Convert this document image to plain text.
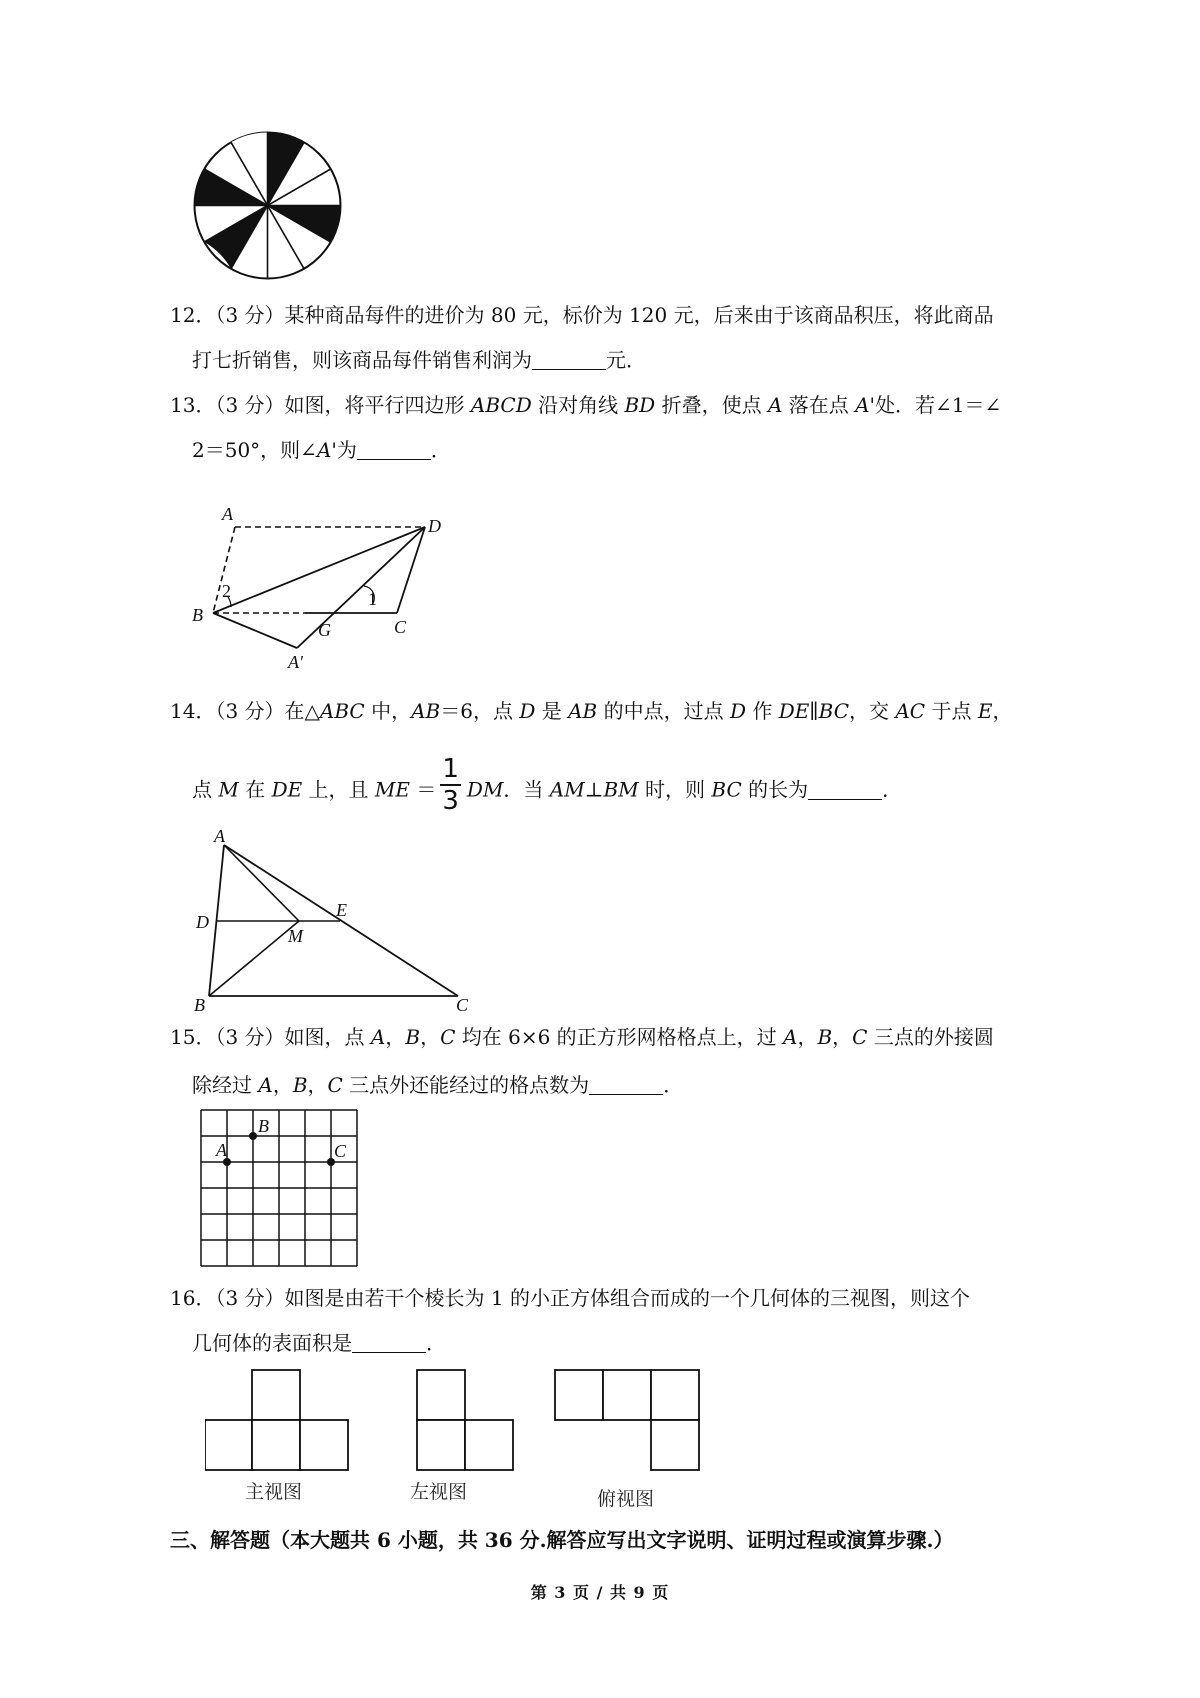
12．（3 分）某种商品每件的进价为 80 元，标价为 120 元，后来由于该商品积压，将此商品
打七折销售，则该商品每件销售利润为	元．
13．（3 分）如图，将平行四边形 ABCD 沿对角线 BD 折叠，使点 A 落在点 A'处．若∠1＝∠
2＝50°，则∠A'为	．
A
D
B
C
G
A'
1
2
14．（3 分）在△ABC 中，AB＝6，点 D 是 AB 的中点，过点 D 作 DE∥BC，交 AC 于点 E，
点 M 在 DE 上，且 ME ＝ $\frac{1}{3}$ DM．当 AM⊥BM 时，则 BC 的长为	．
A
D
M
E
B	C
15．（3 分）如图，点 A，B，C 均在 6×6 的正方形网格格点上，过 A，B，C 三点的外接圆
除经过 A，B，C 三点外还能经过的格点数为	．
A
B
C
16．（3 分）如图是由若干个棱长为 1 的小正方体组合而成的一个几何体的三视图，则这个
几何体的表面积是	．
主视图	左视图	俯视图
三、解答题（本大题共 6 小题，共 36 分.解答应写出文字说明、证明过程或演算步骤.）
第 3 页 / 共 9 页
